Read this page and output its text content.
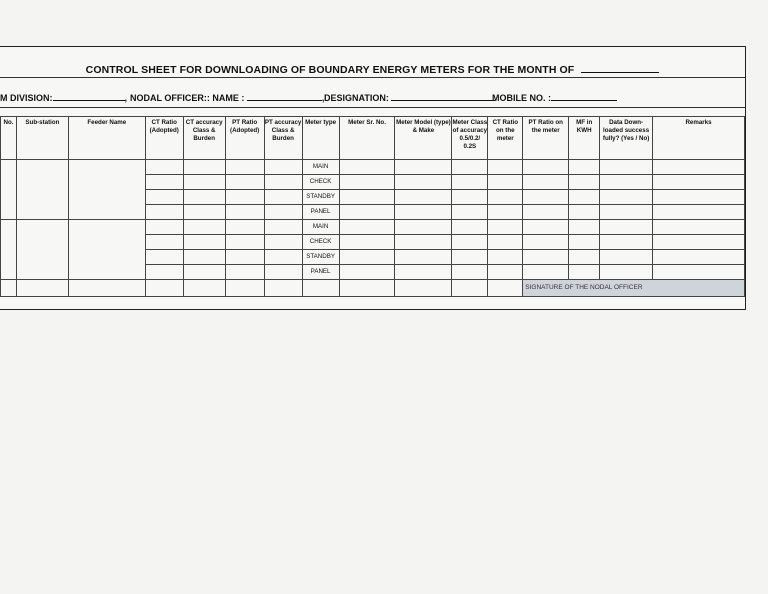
CONTROL SHEET FOR DOWNLOADING OF BOUNDARY ENERGY METERS FOR THE MONTH OF
M DIVISION:	, NODAL OFFICER:: NAME :	, DESIGNATION:	MOBILE NO. :
No.	Sub-station	Feeder Name	CT Ratio (Adopted)	CT accuracy Class & Burden	PT Ratio (Adopted)	PT accuracy Class & Burden	Meter type	Meter Sr. No.	Meter Model (type) & Make	Meter Class of accuracy 0.5/0.2/ 0.2S	CT Ratio on the meter	PT Ratio on the meter	MF in KWH	Data Down-loaded success fully? (Yes / No)	Remarks
							MAIN								
							CHECK								
							STANDBY								
							PANEL								
							MAIN								
							CHECK								
							STANDBY								
							PANEL								
												SIGNATURE OF THE NODAL OFFICER			
